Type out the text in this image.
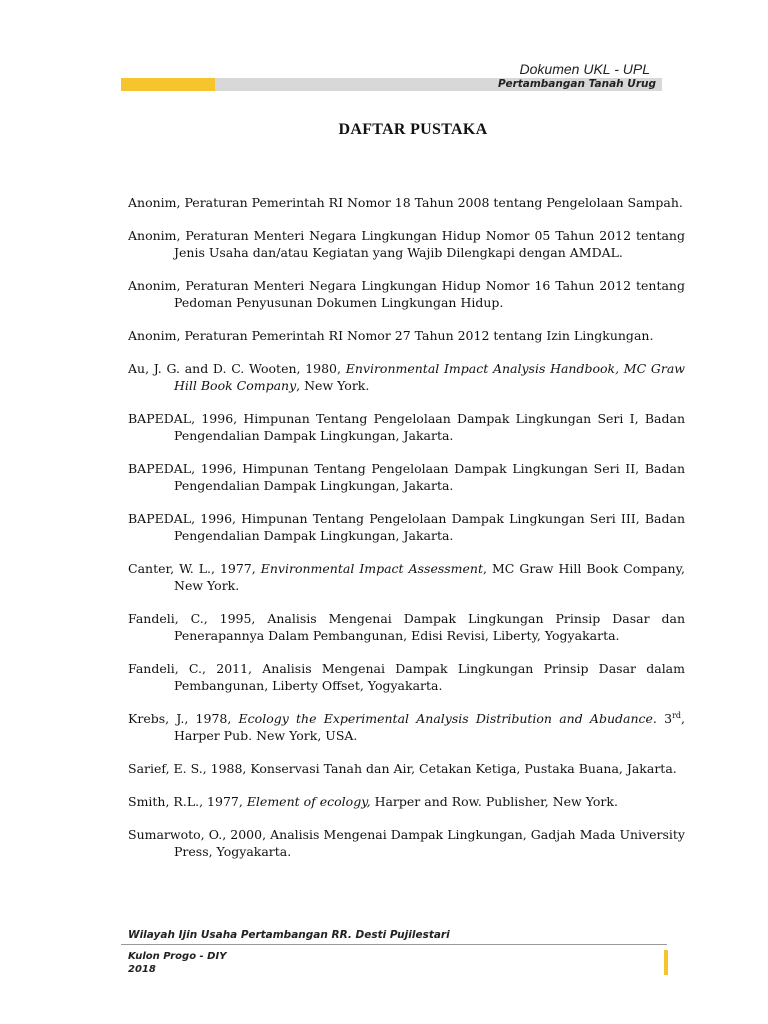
Dokumen UKL - UPL
Pertambangan Tanah Urug
DAFTAR PUSTAKA

Anonim, Peraturan Pemerintah RI Nomor 18 Tahun 2008 tentang Pengelolaan Sampah.

Anonim, Peraturan Menteri Negara Lingkungan Hidup Nomor 05 Tahun 2012 tentang Jenis Usaha dan/atau Kegiatan yang Wajib Dilengkapi dengan AMDAL.

Anonim, Peraturan Menteri Negara Lingkungan Hidup Nomor 16 Tahun 2012 tentang Pedoman Penyusunan Dokumen Lingkungan Hidup.

Anonim, Peraturan Pemerintah RI Nomor 27 Tahun 2012 tentang Izin Lingkungan.

Au, J. G. and D. C. Wooten, 1980, Environmental Impact Analysis Handbook, MC Graw Hill Book Company, New York.

BAPEDAL, 1996, Himpunan Tentang Pengelolaan Dampak Lingkungan Seri I, Badan Pengendalian Dampak Lingkungan, Jakarta.

BAPEDAL, 1996, Himpunan Tentang Pengelolaan Dampak Lingkungan Seri II, Badan Pengendalian Dampak Lingkungan, Jakarta.

BAPEDAL, 1996, Himpunan Tentang Pengelolaan Dampak Lingkungan Seri III, Badan Pengendalian Dampak Lingkungan, Jakarta.

Canter, W. L., 1977, Environmental Impact Assessment, MC Graw Hill Book Company, New York.

Fandeli, C., 1995, Analisis Mengenai Dampak Lingkungan Prinsip Dasar dan Penerapannya Dalam Pembangunan, Edisi Revisi, Liberty, Yogyakarta.

Fandeli, C., 2011, Analisis Mengenai Dampak Lingkungan Prinsip Dasar dalam Pembangunan, Liberty Offset, Yogyakarta.

Krebs, J., 1978, Ecology the Experimental Analysis Distribution and Abudance. 3rd, Harper Pub. New York, USA.

Sarief, E. S., 1988, Konservasi Tanah dan Air, Cetakan Ketiga, Pustaka Buana, Jakarta.

Smith, R.L., 1977, Element of ecology, Harper and Row. Publisher, New York.

Sumarwoto, O., 2000, Analisis Mengenai Dampak Lingkungan, Gadjah Mada University Press, Yogyakarta.

Wilayah Ijin Usaha Pertambangan RR. Desti Pujilestari
Kulon Progo - DIY
2018
